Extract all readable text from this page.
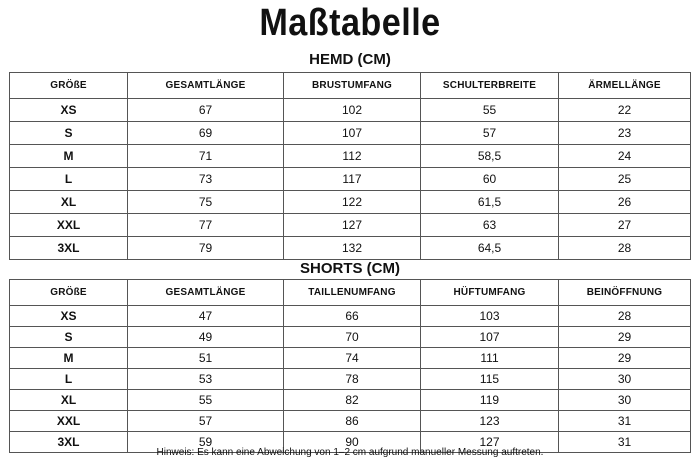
Maßtabelle
HEMD (CM)
GRÖßE	GESAMTLÄNGE	BRUSTUMFANG	SCHULTERBREITE	ÄRMELLÄNGE
XS	67	102	55	22
S	69	107	57	23
M	71	112	58,5	24
L	73	117	60	25
XL	75	122	61,5	26
XXL	77	127	63	27
3XL	79	132	64,5	28
SHORTS (CM)
GRÖßE	GESAMTLÄNGE	TAILLENUMFANG	HÜFTUMFANG	BEINÖFFNUNG
XS	47	66	103	28
S	49	70	107	29
M	51	74	111	29
L	53	78	115	30
XL	55	82	119	30
XXL	57	86	123	31
3XL	59	90	127	31
Hinweis: Es kann eine Abweichung von 1–2 cm aufgrund manueller Messung auftreten.
